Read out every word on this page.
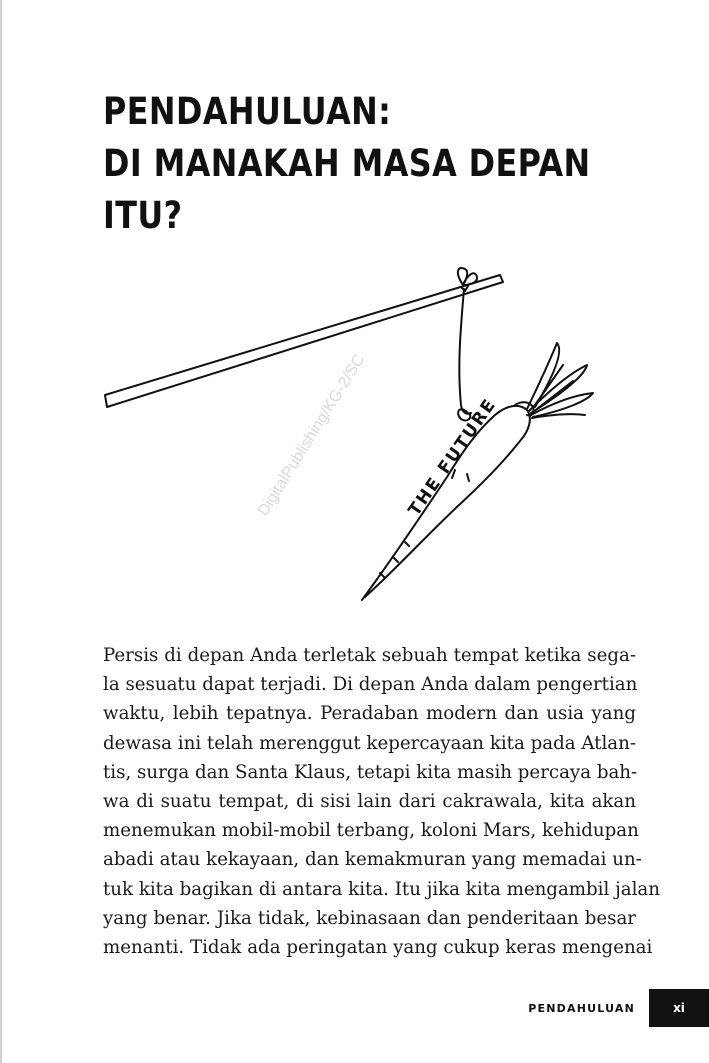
PENDAHULUAN:
DI MANAKAH MASA DEPAN
ITU?
THE FUTURE
DigitalPublishing/KG-2/SC
Persis di depan Anda terletak sebuah tempat ketika sega-
la sesuatu dapat terjadi. Di depan Anda dalam pengertian
waktu, lebih tepatnya. Peradaban modern dan usia yang
dewasa ini telah merenggut kepercayaan kita pada Atlan-
tis, surga dan Santa Klaus, tetapi kita masih percaya bah-
wa di suatu tempat, di sisi lain dari cakrawala, kita akan
menemukan mobil-mobil terbang, koloni Mars, kehidupan
abadi atau kekayaan, dan kemakmuran yang memadai un-
tuk kita bagikan di antara kita. Itu jika kita mengambil jalan
yang benar. Jika tidak, kebinasaan dan penderitaan besar
menanti. Tidak ada peringatan yang cukup keras mengenai
PENDAHULUAN	xi
